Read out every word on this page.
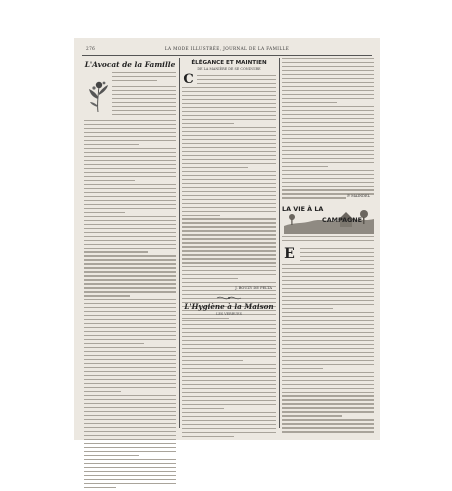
276	LA MODE ILLUSTRÉE, JOURNAL DE LA FAMILLE
L'Avocat de la Famille	ÉLÉGANCE ET MAINTIEN
DE LA MANIÈRE DE SE CONDUIRE
C
J. BOUZY DE PELTA
L'Hygiène à la Maison
LES VERRUES
P. MAINDEL
LA VIE À LA
CAMPAGNE
E
